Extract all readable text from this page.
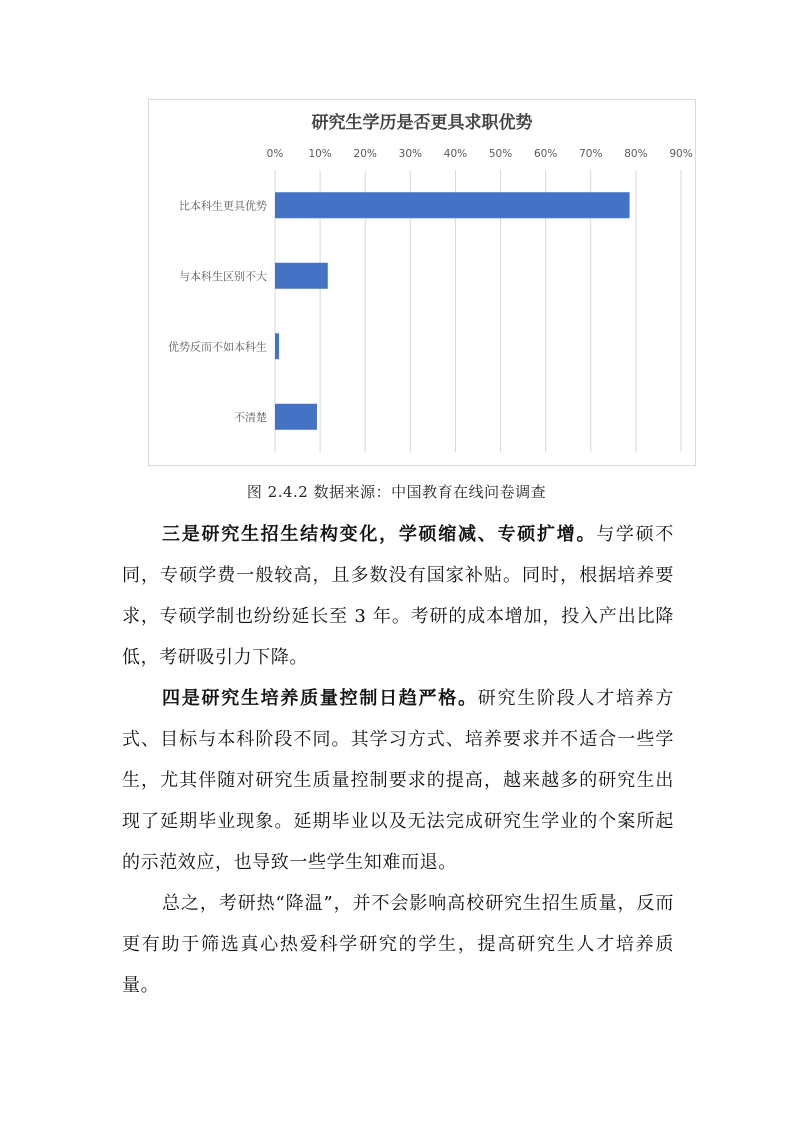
研究生学历是否更具求职优势
0% 10% 20% 30% 40% 50% 60% 70% 80% 90%
比本科生更具优势
与本科生区别不大
优势反而不如本科生
不清楚
图 2.4.2 数据来源：中国教育在线问卷调查
三是研究生招生结构变化，学硕缩减、专硕扩增。与学硕不同，专硕学费一般较高，且多数没有国家补贴。同时，根据培养要求，专硕学制也纷纷延长至 3 年。考研的成本增加，投入产出比降低，考研吸引力下降。
四是研究生培养质量控制日趋严格。研究生阶段人才培养方式、目标与本科阶段不同。其学习方式、培养要求并不适合一些学生，尤其伴随对研究生质量控制要求的提高，越来越多的研究生出现了延期毕业现象。延期毕业以及无法完成研究生学业的个案所起的示范效应，也导致一些学生知难而退。
总之，考研热“降温”，并不会影响高校研究生招生质量，反而更有助于筛选真心热爱科学研究的学生，提高研究生人才培养质量。
